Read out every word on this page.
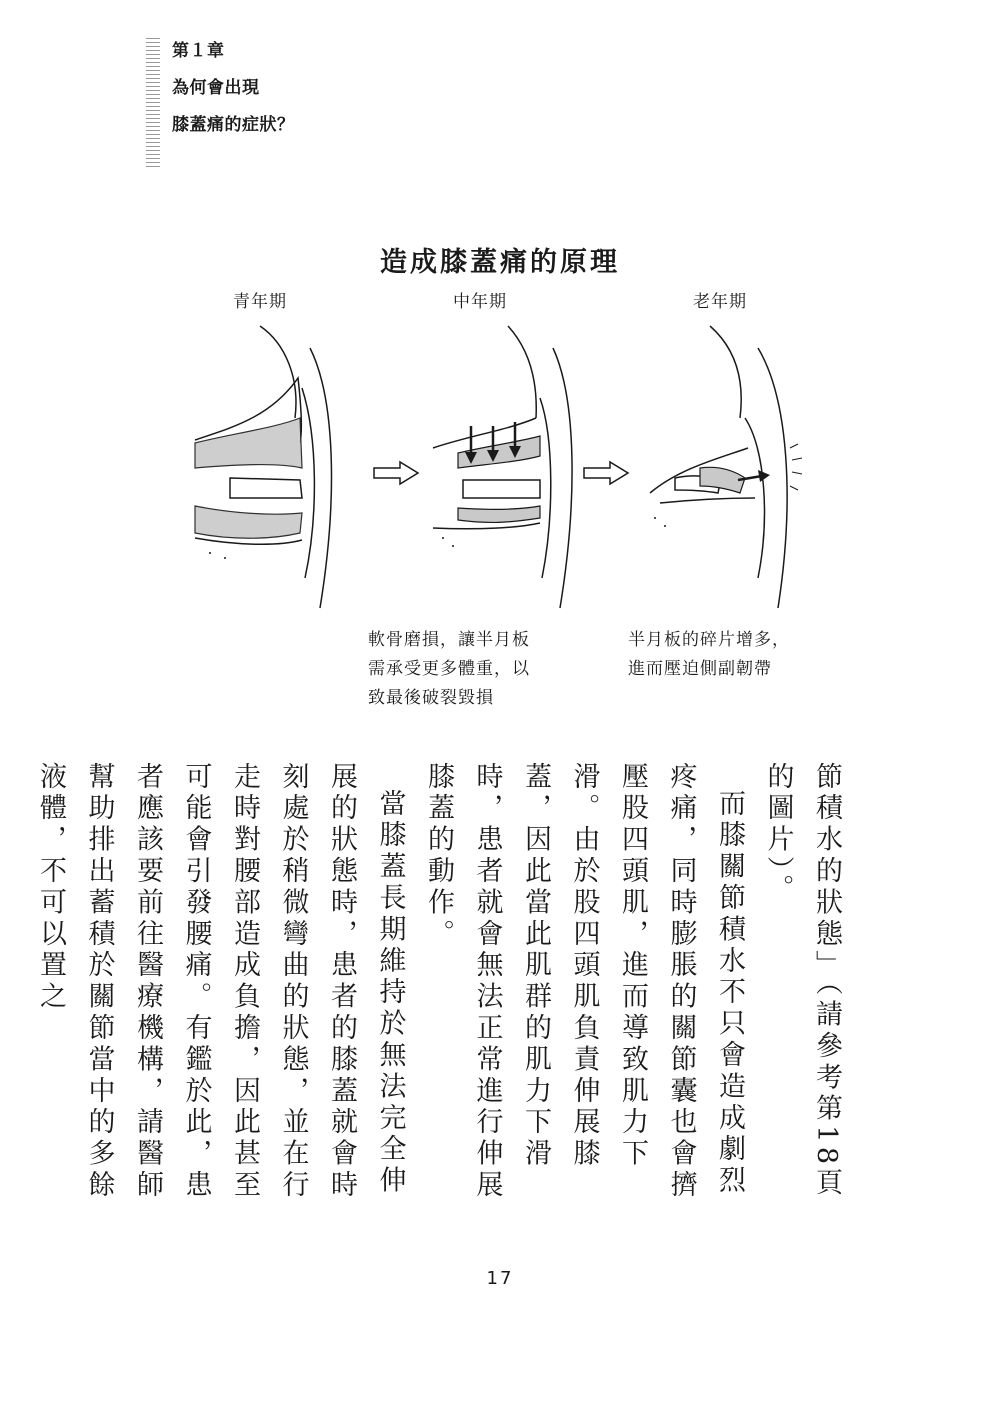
第１章
為何會出現
膝蓋痛的症狀？
造成膝蓋痛的原理
青年期	中年期	老年期
軟骨磨損，讓半月板
需承受更多體重，以
致最後破裂毀損
半月板的碎片增多，
進而壓迫側副韌帶

節積水的狀態」（請參考第18頁的圖片）。

而膝關節積水不只會造成劇烈疼痛，同時膨脹的關節囊也會擠壓股四頭肌，進而導致肌力下滑。由於股四頭肌負責伸展膝蓋，因此當此肌群的肌力下滑時，患者就會無法正常進行伸展膝蓋的動作。

當膝蓋長期維持於無法完全伸展的狀態時，患者的膝蓋就會時刻處於稍微彎曲的狀態，並在行走時對腰部造成負擔，因此甚至可能會引發腰痛。有鑑於此，患者應該要前往醫療機構，請醫師幫助排出蓄積於關節當中的多餘液體，不可以置之

17
